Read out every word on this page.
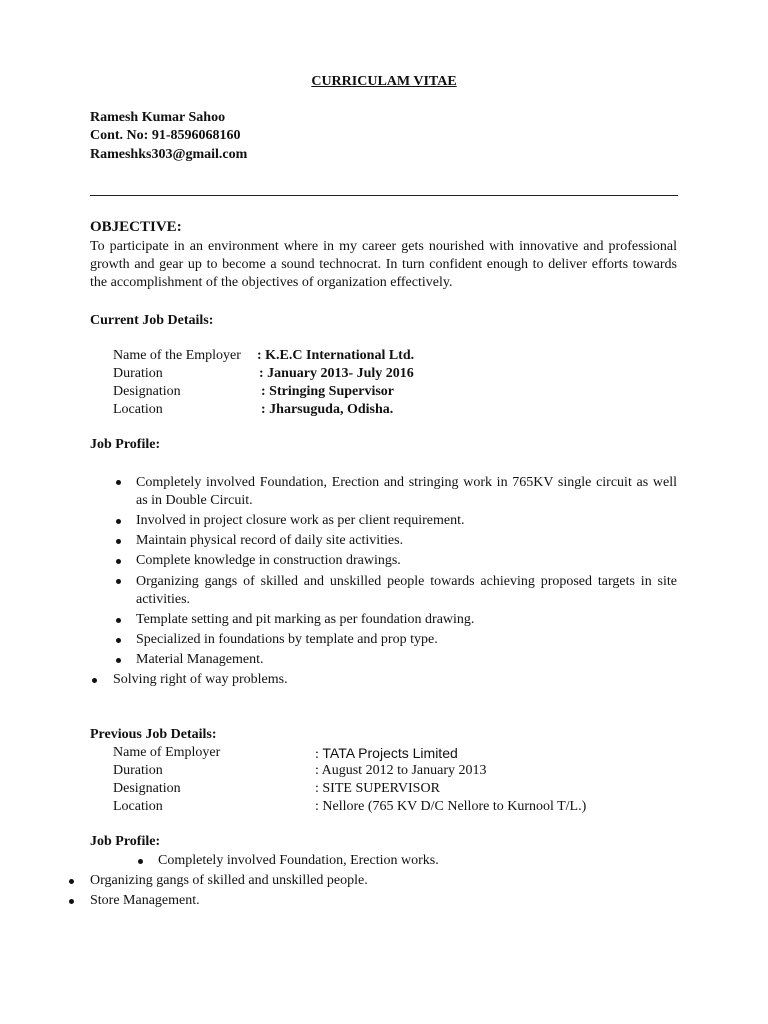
CURRICULAM VITAE
Ramesh Kumar Sahoo
Cont. No: 91-8596068160
Rameshks303@gmail.com
OBJECTIVE:
To participate in an environment where in my career gets nourished with innovative and professional growth and gear up to become a sound technocrat. In turn confident enough to deliver efforts towards the accomplishment of the objectives of organization effectively.
Current Job Details:
Name of the Employer : K.E.C International Ltd.
Duration	: January 2013- July 2016
Designation	: Stringing Supervisor
Location	: Jharsuguda, Odisha.
Job Profile:
Completely involved Foundation, Erection and stringing work in 765KV single circuit as well as in Double Circuit.
Involved in project closure work as per client requirement.
Maintain physical record of daily site activities.
Complete knowledge in construction drawings.
Organizing gangs of skilled and unskilled people towards achieving proposed targets in site activities.
Template setting and pit marking as per foundation drawing.
Specialized in foundations by template and prop type.
Material Management.
Solving right of way problems.
Previous Job Details:
Name of Employer	: TATA Projects Limited
Duration	: August 2012 to January 2013
Designation	: SITE SUPERVISOR
Location	: Nellore (765 KV D/C Nellore to Kurnool T/L.)
Job Profile:
Completely involved Foundation, Erection works.
Organizing gangs of skilled and unskilled people.
Store Management.
